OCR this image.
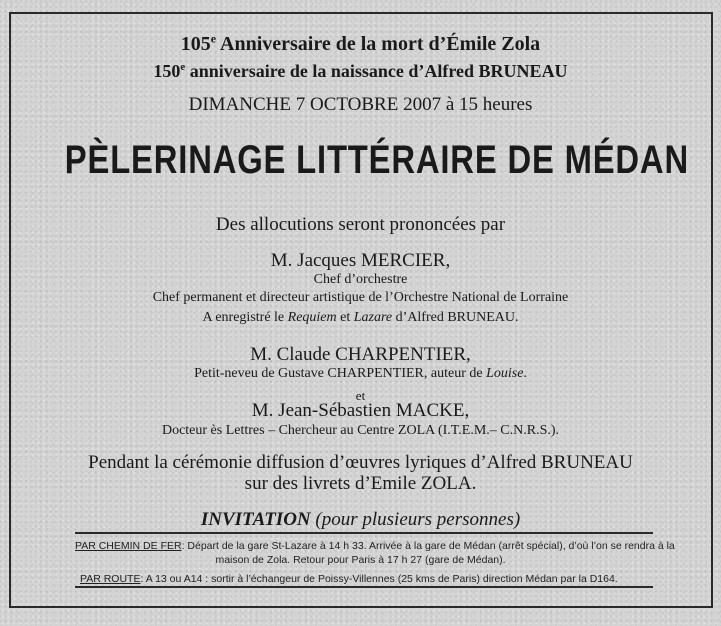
105e Anniversaire de la mort d’Émile Zola
150e anniversaire de la naissance d’Alfred BRUNEAU
DIMANCHE 7 OCTOBRE 2007 à 15 heures
PÈLERINAGE LITTÉRAIRE DE MÉDAN
Des allocutions seront prononcées par
M. Jacques MERCIER,
Chef d’orchestre
Chef permanent et directeur artistique de l’Orchestre National de Lorraine
A enregistré le Requiem et Lazare d’Alfred BRUNEAU.
M. Claude CHARPENTIER,
Petit-neveu de Gustave CHARPENTIER, auteur de Louise.
et
M. Jean-Sébastien MACKE,
Docteur ès Lettres – Chercheur au Centre ZOLA (I.T.E.M.– C.N.R.S.).
Pendant la cérémonie diffusion d’œuvres lyriques d’Alfred BRUNEAU
sur des livrets d’Emile ZOLA.
INVITATION (pour plusieurs personnes)
PAR CHEMIN DE FER: Départ de la gare St-Lazare à 14 h 33. Arrivée à la gare de Médan (arrêt spécial), d’où l’on se rendra à la
maison de Zola. Retour pour Paris à 17 h 27 (gare de Médan).
PAR ROUTE: A 13 ou A14 : sortir à l’échangeur de Poissy-Villennes (25 kms de Paris) direction Médan par la D164.
